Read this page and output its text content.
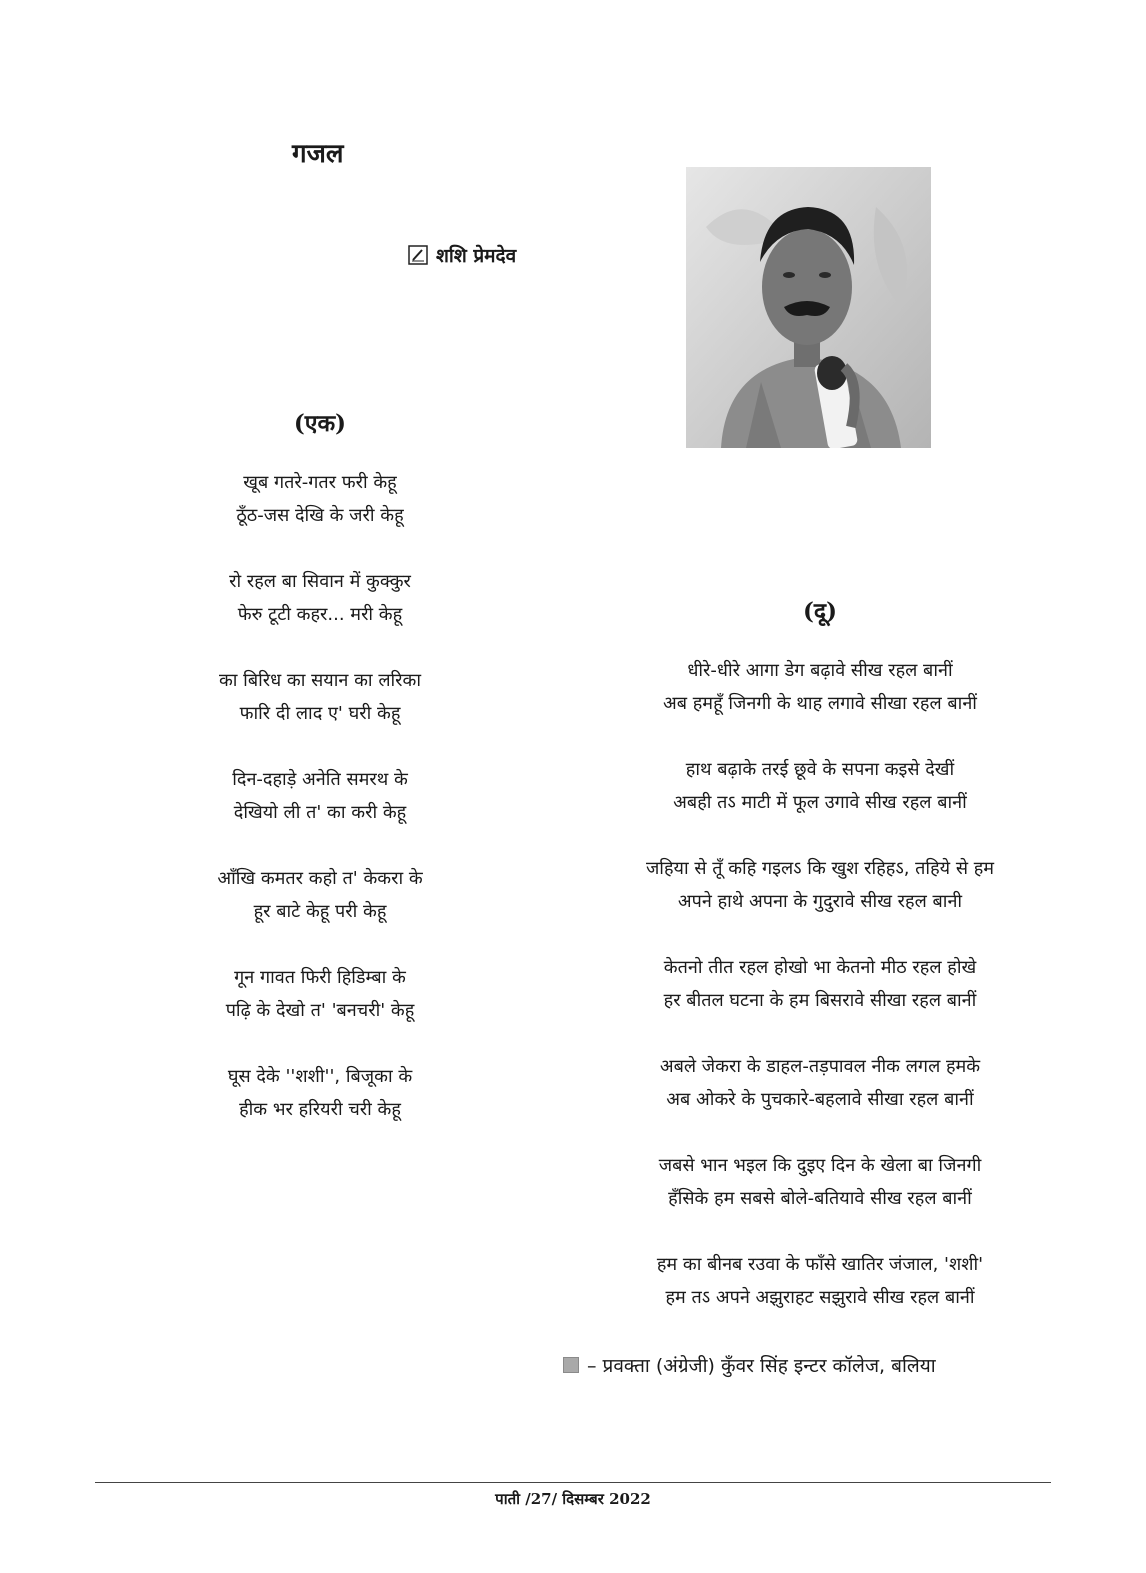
गजल
शशि प्रेमदेव
(एक)
खूब गतरे-गतर फरी केहू
ठूँठ-जस देखि के जरी केहू
रो रहल बा सिवान में कुक्कुर
फेरु टूटी कहर... मरी केहू
का बिरिध का सयान का लरिका
फारि दी लाद ए' घरी केहू
दिन-दहाड़े अनेति समरथ के
देखियो ली त' का करी केहू
आँखि कमतर कहो त' केकरा के
हूर बाटे केहू परी केहू
गून गावत फिरी हिडिम्बा के
पढ़ि के देखो त' 'बनचरी' केहू
घूस देके ''शशी'', बिजूका के
हीक भर हरियरी चरी केहू
(दू)
धीरे-धीरे आगा डेग बढ़ावे सीख रहल बानीं
अब हमहूँ जिनगी के थाह लगावे सीखा रहल बानीं
हाथ बढ़ाके तरई छूवे के सपना कइसे देखीं
अबही तऽ माटी में फूल उगावे सीख रहल बानीं
जहिया से तूँ कहि गइलऽ कि खुश रहिहऽ, तहिये से हम
अपने हाथे अपना के गुदुरावे सीख रहल बानी
केतनो तीत रहल होखो भा केतनो मीठ रहल होखे
हर बीतल घटना के हम बिसरावे सीखा रहल बानीं
अबले जेकरा के डाहल-तड़पावल नीक लगल हमके
अब ओकरे के पुचकारे-बहलावे सीखा रहल बानीं
जबसे भान भइल कि दुइए दिन के खेला बा जिनगी
हँसिके हम सबसे बोले-बतियावे सीख रहल बानीं
हम का बीनब रउवा के फाँसे खातिर जंजाल, 'शशी'
हम तऽ अपने अझुराहट सझुरावे सीख रहल बानीं
– प्रवक्ता (अंग्रेजी) कुँवर सिंह इन्टर कॉलेज, बलिया
पाती /27/ दिसम्बर 2022
